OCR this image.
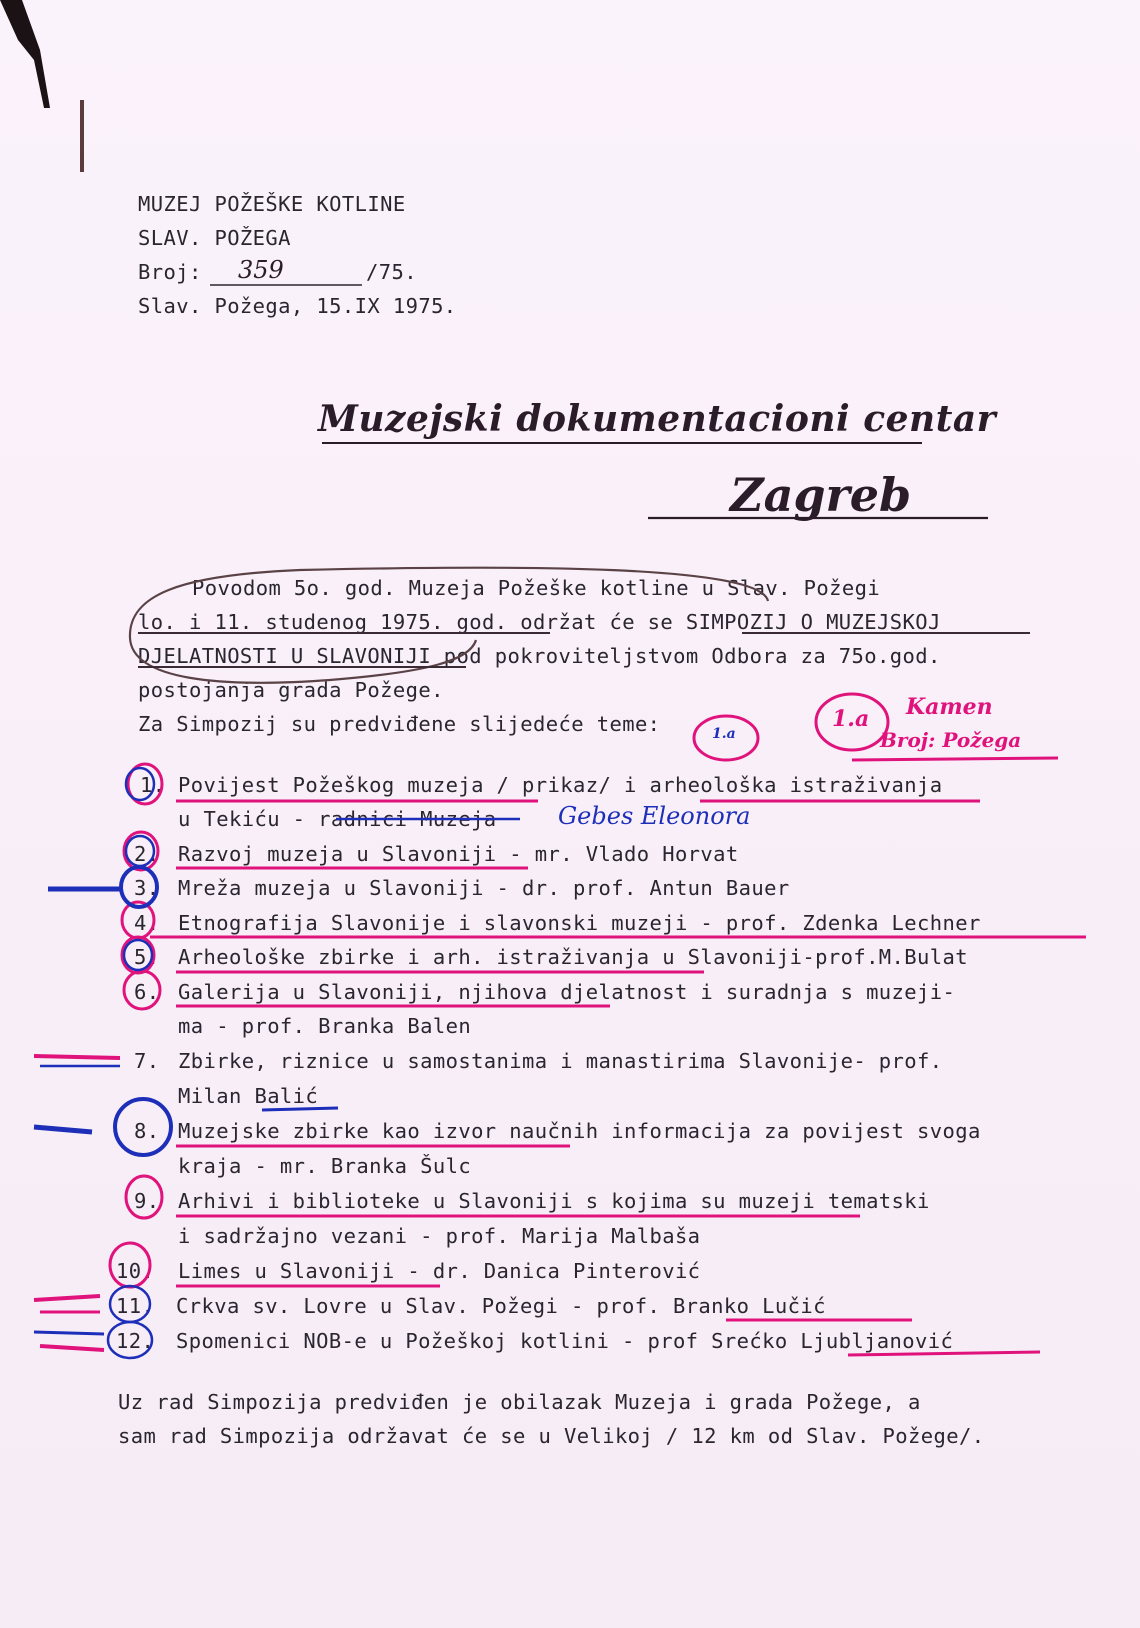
MUZEJ POŽEŠKE KOTLINE
SLAV. POŽEGA
Broj: 359	/75.
Slav. Požega, 15.IX 1975.
Muzejski dokumentacioni centar
Zagreb
Povodom 5o. god. Muzeja Požeške kotline u Slav. Požegi
lo. i 11. studenog 1975. god. održat će se SIMPOZIJ O MUZEJSKOJ
DJELATNOSTI U SLAVONIJI pod pokroviteljstvom Odbora za 75o.god.
postojanja grada Požege.
Za Simpozij su predviđene slijedeće teme:
1. Povijest Požeškog muzeja / prikaz/ i arheološka istraživanja
u Tekiću - radnici Muzeja
2. Razvoj muzeja u Slavoniji - mr. Vlado Horvat
3. Mreža muzeja u Slavoniji - dr. prof. Antun Bauer
4. Etnografija Slavonije i slavonski muzeji - prof. Zdenka Lechner
5. Arheološke zbirke i arh. istraživanja u Slavoniji-prof.M.Bulat
6. Galerija u Slavoniji, njihova djelatnost i suradnja s muzeji-
ma - prof. Branka Balen
7. Zbirke, riznice u samostanima i manastirima Slavonije- prof.
Milan Balić
8. Muzejske zbirke kao izvor naučnih informacija za povijest svoga
kraja - mr. Branka Šulc
9. Arhivi i biblioteke u Slavoniji s kojima su muzeji tematski
i sadržajno vezani - prof. Marija Malbaša
10. Limes u Slavoniji - dr. Danica Pinterović
11. Crkva sv. Lovre u Slav. Požegi - prof. Branko Lučić
12. Spomenici NOB-e u Požeškoj kotlini - prof Srećko Ljubljanović
Uz rad Simpozija predviđen je obilazak Muzeja i grada Požege, a
sam rad Simpozija održavat će se u Velikoj / 12 km od Slav. Požege/.
Gebes Eleonora
1.a Kamen
Broj: Požega
1.a
